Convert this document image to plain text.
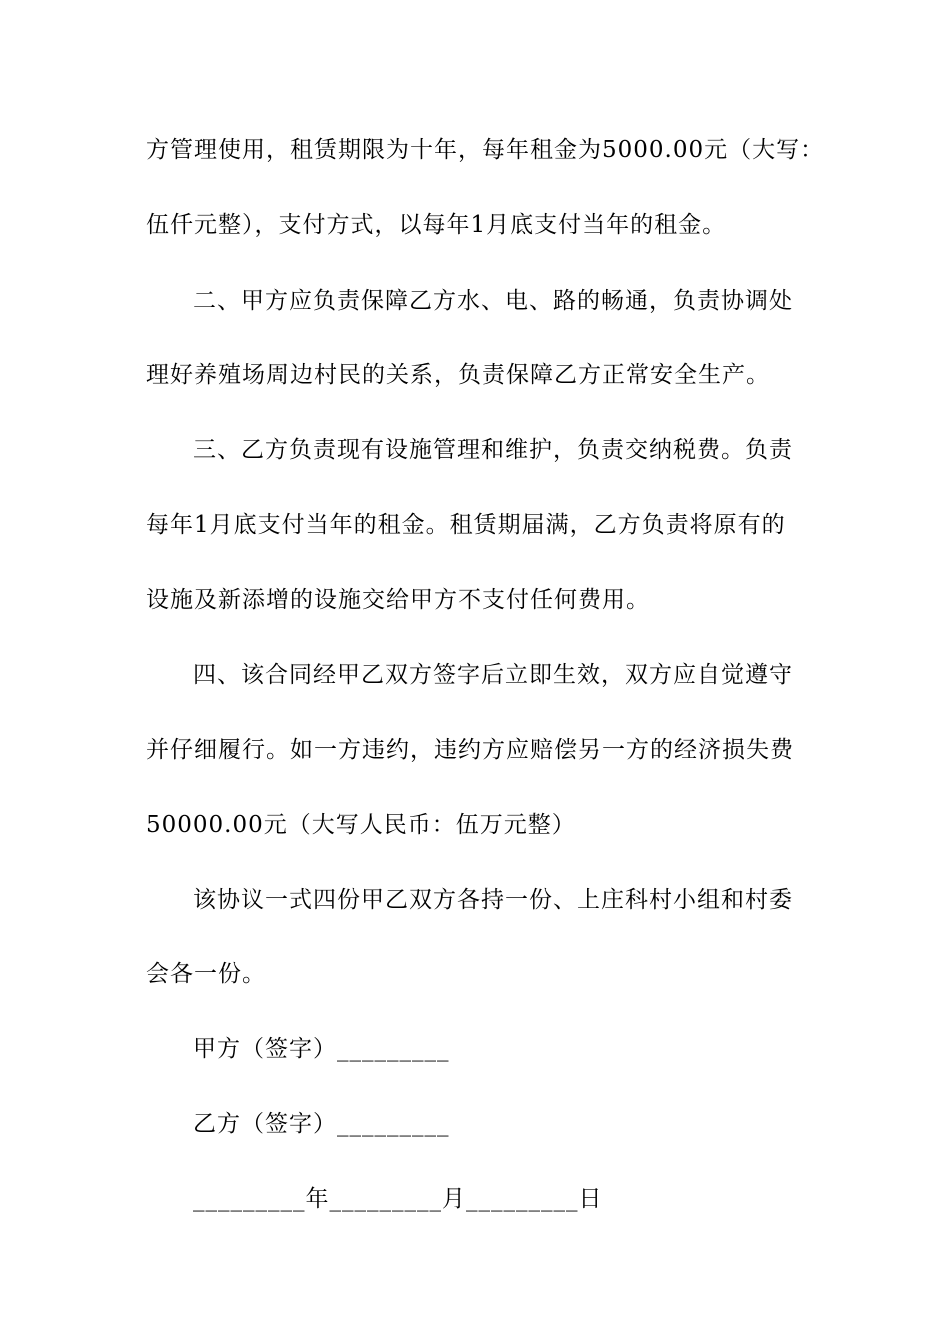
方管理使用，租赁期限为十年，每年租金为5000.00元（大写：
伍仟元整），支付方式，以每年1月底支付当年的租金。
二、甲方应负责保障乙方水、电、路的畅通，负责协调处
理好养殖场周边村民的关系，负责保障乙方正常安全生产。
三、乙方负责现有设施管理和维护，负责交纳税费。负责
每年1月底支付当年的租金。租赁期届满，乙方负责将原有的
设施及新添增的设施交给甲方不支付任何费用。
四、该合同经甲乙双方签字后立即生效，双方应自觉遵守
并仔细履行。如一方违约，违约方应赔偿另一方的经济损失费
50000.00元（大写人民币：伍万元整）
该协议一式四份甲乙双方各持一份、上庄科村小组和村委
会各一份。
甲方（签字）_________
乙方（签字）_________
_________年_________月_________日
